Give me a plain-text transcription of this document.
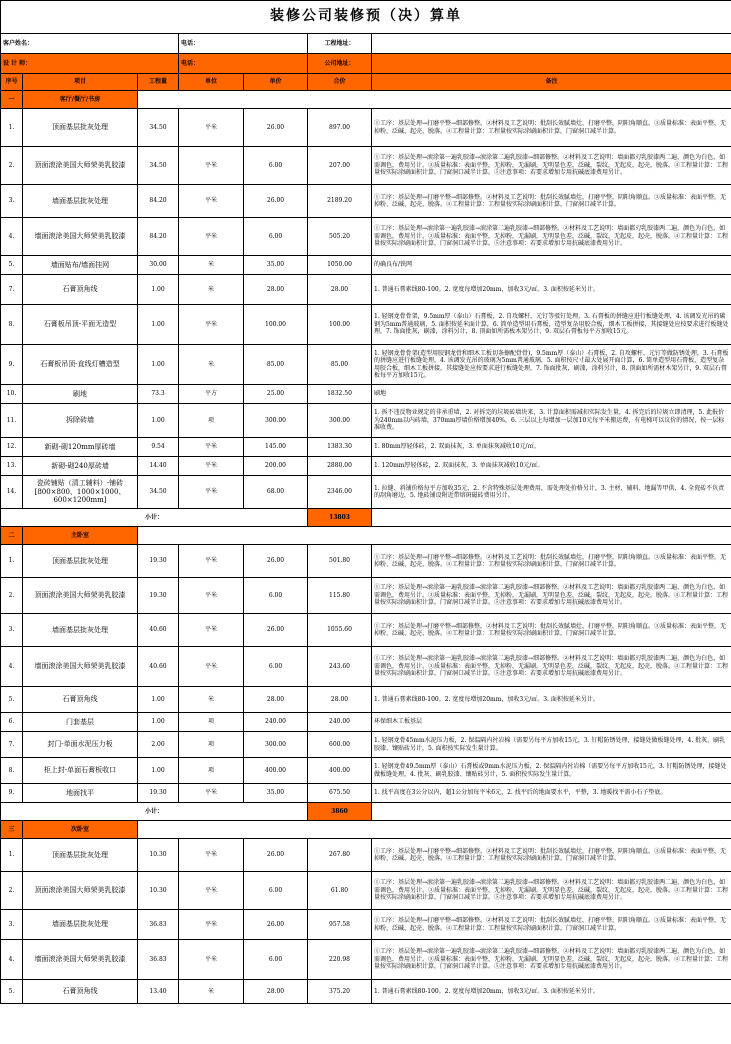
装修公司装修预（决）算单						
客户姓名：			电话：		工程地址：	
设 计 师：			电话：		公司地址：	
序号	项目	工程量	单位	单价	合价	备注
一	客厅/餐厅/书房					
1.	顶面基层批灰处理	34.50	平米	26.00	897.00	①工序：基层处理→打磨平整→细部修整。②材料及工艺说明：批刮长效腻墙灶，打磨平整，阴阳角顺直。③质量标准：表面平整，无掉粉、泛碱、起壳、脱落。④工程量计算：工程量按实际涂刷面积计算，门窗洞口减半计算。
2.	顶面滚涂美国大师荣美乳胶漆	34.50	平米	6.00	207.00	①工序：基层处理→滚涂第一遍乳胶漆→滚涂第二遍乳胶漆→细部修整。②材料及工艺说明：墙面都刃乳胶漆两二遍，颜色为白色，如需调色，费用另计。③质量标准：表面平整，无掉粉，无漏刷，无明显色差，泛碱，裂纹，无起皮，起壳，脱落。④工程量计算：工程量按实际涂刷面积计算，门窗洞口减半计算。⑤注意事项：若要求增加专用抗碱底漆费用另计。
3.	墙面基层批灰处理	84.20	平米	26.00	2189.20	①工序：基层处理→打磨平整→细部修整。②材料及工艺说明：批刮长效腻墙灶，打磨平整，阴阳角顺直。③质量标准：表面平整，无掉粉、泛碱、起壳、脱落。④工程量计算：工程量按实际涂刷面积计算，门窗洞口减半计算。
4.	墙面滚涂美国大师荣美乳胶漆	84.20	平米	6.00	505.20	①工序：基层处理→滚涂第一遍乳胶漆→滚涂第二遍乳胶漆→细部修整。②材料及工艺说明：墙面都刃乳胶漆两二遍，颜色为白色，如需调色，费用另计。③质量标准：表面平整，无掉粉，无漏刷，无明显色差，泛碱，裂纹，无起皮，起壳，脱落。④工程量计算：工程量按实际涂刷面积计算，门窗洞口减半计算。⑤注意事项：若要求增加专用抗碱底漆费用另计。
5.	墙面贴布/墙面挂网	30.00	米	35.00	1050.00	的确良布/铁网
7.	石膏顶角线	1.00	米	28.00	28.00	1. 普通石膏素线80-100。2. 宽度每增加20mm，加收3元/㎡。3. 面积按延米另计。
8.	石膏板吊顶-平面无造型	1.00	平米	100.00	100.00	1. 轻钢龙骨骨架，9.5mm厚（泰山）石膏板，2. 自攻螺杆、元钉等驳钉处理，3. 石膏板的拼缝应进行板缝处理，4. 该调发光吊的碳钢为5mm普通玻璃，5. 面积按延米面计算，6. 简单造型用石膏板，造型复杂用胶合板，细木工板拼接，其接缝处应按要求进行板缝处理，7. 饰面批灰，刷漆，涂料另计，8. 顶面如所需板木架另计，9. 双层石膏板每平方加收15元。
9.	石膏板吊顶-直线灯槽造型	1.00	米	85.00	85.00	1. 轻钢龙骨骨架(造型用胶钢龙骨和细木工板切条擦配骨骨)，9.5mm厚（泰山）石膏板，2. 自攻螺杆、元钉等做防锈处理，3. 石膏板的拼缝应进行板缝处理，4. 该调发光吊的玻璃为5mm普通玻璃，5. 面积按尺寸最大处展开面计算，6. 简单造型用石膏板，造型复杂用胶合板，细木工板拼接，其接缝处应按要求进行板缝处理，7. 饰面批灰，刷漆，涂料另计，8. 顶面如所需材木架另计，9. 双层石膏板每平方加收15元。
10.	刷地	73.3	平方	25.00	1832.50	刷地
11.	拆除砖墙	1.00	项	300.00	300.00	1. 拆不违反物业规定的非承重墙，2. 对拆完的垃圾砖墙块来，3. 计算面积需减扣实际发生量，4. 拆完后的垃圾立即清理，5. 此报价为240mm以内砖墙，370mm厚墙价格增加40%，6. 三层以上每增加一层加10元每平米搬运费，有电梯可以议价的情况，按一层标准收费。
12.	新砌-砌120mm厚砖墙	9.54	平米	145.00	1383.30	1. 80mm厚轻体砖，2. 双面抹灰，3. 单面抹灰减收10元/㎡。
13.	新砌-砌240厚砖墙	14.40	平米	200.00	2880.00	1. 120mm厚轻体砖，2. 双面抹灰，3. 单面抹灰减收10元/㎡。
14.	瓷砖铺贴（清工辅料）-铺砖[800×800、1000×1000、600×1200mm]	34.50	平米	68.00	2346.00	1. 拉缝、斜铺价格每平方加收35元，2. 不含特殊基层处理费用，需处理处价格另计，3. 主材、辅料、地漏等甲供，4. 全瓷砖不负责的刮角磨边，5. 地砖铺设附近带熔斑磁砖费用另计。
小计：					13803	
二	主卧室					
1.	顶面基层批灰处理	19.30	平米	26.00	501.80	①工序：基层处理→打磨平整→细部修整。②材料及工艺说明：批刮长效腻墙灶，打磨平整，阴阳角顺直。③质量标准：表面平整，无掉粉、泛碱、起壳、脱落。④工程量计算：工程量按实际涂刷面积计算，门窗洞口减半计算。
2.	顶面滚涂美国大师荣美乳胶漆	19.30	平米	6.00	115.80	①工序：基层处理→滚涂第一遍乳胶漆→滚涂第二遍乳胶漆→细部修整。②材料及工艺说明：墙面都刃乳胶漆两二遍，颜色为白色，如需调色，费用另计。③质量标准：表面平整，无掉粉，无漏刷，无明显色差，泛碱，裂纹，无起皮，起壳，脱落。④工程量计算：工程量按实际涂刷面积计算，门窗洞口减半计算。⑤注意事项：若要求增加专用抗碱底漆费用另计。
3.	墙面基层批灰处理	40.60	平米	26.00	1055.60	①工序：基层处理→打磨平整→细部修整。②材料及工艺说明：批刮长效腻墙灶，打磨平整，阴阳角顺直。③质量标准：表面平整，无掉粉、泛碱、起壳、脱落。④工程量计算：工程量按实际涂刷面积计算，门窗洞口减半计算。
4.	墙面滚涂美国大师荣美乳胶漆	40.60	平米	6.00	243.60	①工序：基层处理→滚涂第一遍乳胶漆→滚涂第二遍乳胶漆→细部修整。②材料及工艺说明：墙面都刃乳胶漆两二遍，颜色为白色，如需调色，费用另计。③质量标准：表面平整，无掉粉，无漏刷，无明显色差，泛碱，裂纹，无起皮，起壳，脱落。④工程量计算：工程量按实际涂刷面积计算，门窗洞口减半计算。⑤注意事项：若要求增加专用抗碱底漆费用另计。
5.	石膏顶角线	1.00	米	28.00	28.00	1. 普通石膏素线80-100。2. 宽度每增加20mm，加收3元/㎡。3. 面积按延米另计。
6.	门套基层	1.00	项	240.00	240.00	环保细木工板基层
7.	封门-单面水泥压力板	2.00	项	300.00	600.00	1. 轻钢龙骨45mm水泥压力板，2. 保温隔内衬岩棉（需要另每平方加收15元，3. 钉帽防锈处理，接缝处做板缝处理，4. 批灰、刷乳胶漆、镶贴砖另计，5. 面积按实际发生量计算。
8.	柜上封-单面石膏板收口	1.00	项	400.00	400.00	1. 轻钢龙骨49.5mm厚（泰山）石膏板或9mm水泥压力板，2. 保温隔内衬岩棉（需要另每平方加收15元，3. 钉帽防锈处理，接缝处做板缝处理，4. 批灰、刷乳胶漆、镶贴砖另计，5. 面积按实际发生量计算。
9.	地面找平	19.30	平米	35.00	675.50	1. 找平高度在3公分以内，超1公分加每平米6元，2. 找平后的地面要水平，平整，3. 地暖找平需小石子垫底。
小计：					3860	
三	次卧室					
1.	顶面基层批灰处理	10.30	平米	26.00	267.80	①工序：基层处理→打磨平整→细部修整。②材料及工艺说明：批刮长效腻墙灶，打磨平整，阴阳角顺直。③质量标准：表面平整，无掉粉、泛碱、起壳、脱落。④工程量计算：工程量按实际涂刷面积计算，门窗洞口减半计算。
2.	顶面滚涂美国大师荣美乳胶漆	10.30	平米	6.00	61.80	①工序：基层处理→滚涂第一遍乳胶漆→滚涂第二遍乳胶漆→细部修整。②材料及工艺说明：墙面都刃乳胶漆两二遍，颜色为白色，如需调色，费用另计。③质量标准：表面平整，无掉粉，无漏刷，无明显色差，泛碱，裂纹，无起皮，起壳，脱落。④工程量计算：工程量按实际涂刷面积计算，门窗洞口减半计算。⑤注意事项：若要求增加专用抗碱底漆费用另计。
3.	墙面基层批灰处理	36.83	平米	26.00	957.58	①工序：基层处理→打磨平整→细部修整。②材料及工艺说明：批刮长效腻墙灶，打磨平整，阴阳角顺直。③质量标准：表面平整，无掉粉、泛碱、起壳、脱落。④工程量计算：工程量按实际涂刷面积计算，门窗洞口减半计算。
4.	墙面滚涂美国大师荣美乳胶漆	36.83	平米	6.00	220.98	①工序：基层处理→滚涂第一遍乳胶漆→滚涂第二遍乳胶漆→细部修整。②材料及工艺说明：墙面都刃乳胶漆两二遍，颜色为白色，如需调色，费用另计。③质量标准：表面平整，无掉粉，无漏刷，无明显色差，泛碱，裂纹，无起皮，起壳，脱落。④工程量计算：工程量按实际涂刷面积计算，门窗洞口减半计算。⑤注意事项：若要求增加专用抗碱底漆费用另计。
5.	石膏顶角线	13.40	米	28.00	375.20	1. 普通石膏素线80-100。2. 宽度每增加20mm，加收3元/㎡。3. 面积按延米另计。
